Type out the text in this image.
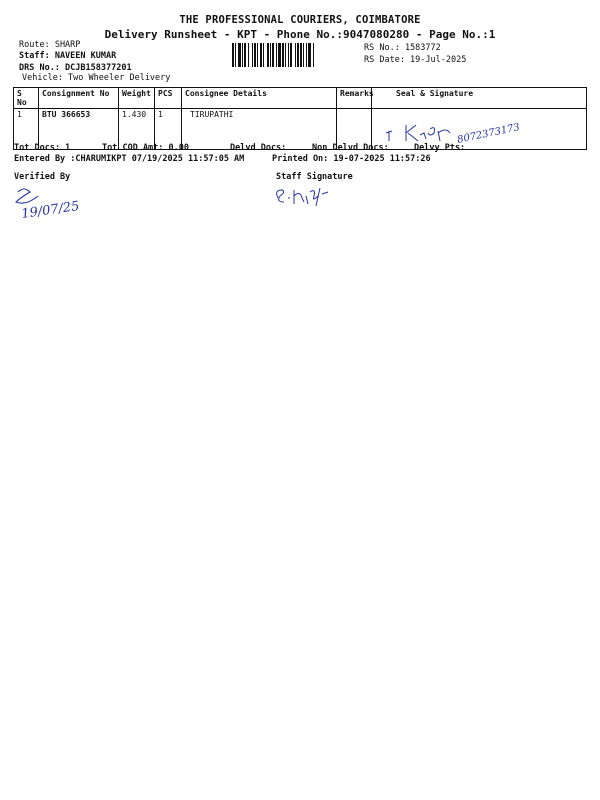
THE PROFESSIONAL COURIERS, COIMBATORE
Delivery Runsheet - KPT - Phone No.:9047080280 - Page No.:1
Route: SHARP
Staff: NAVEEN KUMAR
DRS No.: DCJB158377201
Vehicle: Two Wheeler Delivery
RS No.: 1583772
RS Date: 19-Jul-2025
S No	Consignment No	Weight	PCS	Consignee Details	Remarks	Seal & Signature
1	BTU 366653	1.430	1	TIRUPATHI		8072373173
Tot Docs: 1	Tot COD Amt: 0.00	Delvd Docs:	Non Delvd Docs:	Delvy Pts:
Entered By :CHARUMIKPT 07/19/2025 11:57:05 AM	Printed On: 19-07-2025 11:57:26
Verified By
19/07/25
Staff Signature
